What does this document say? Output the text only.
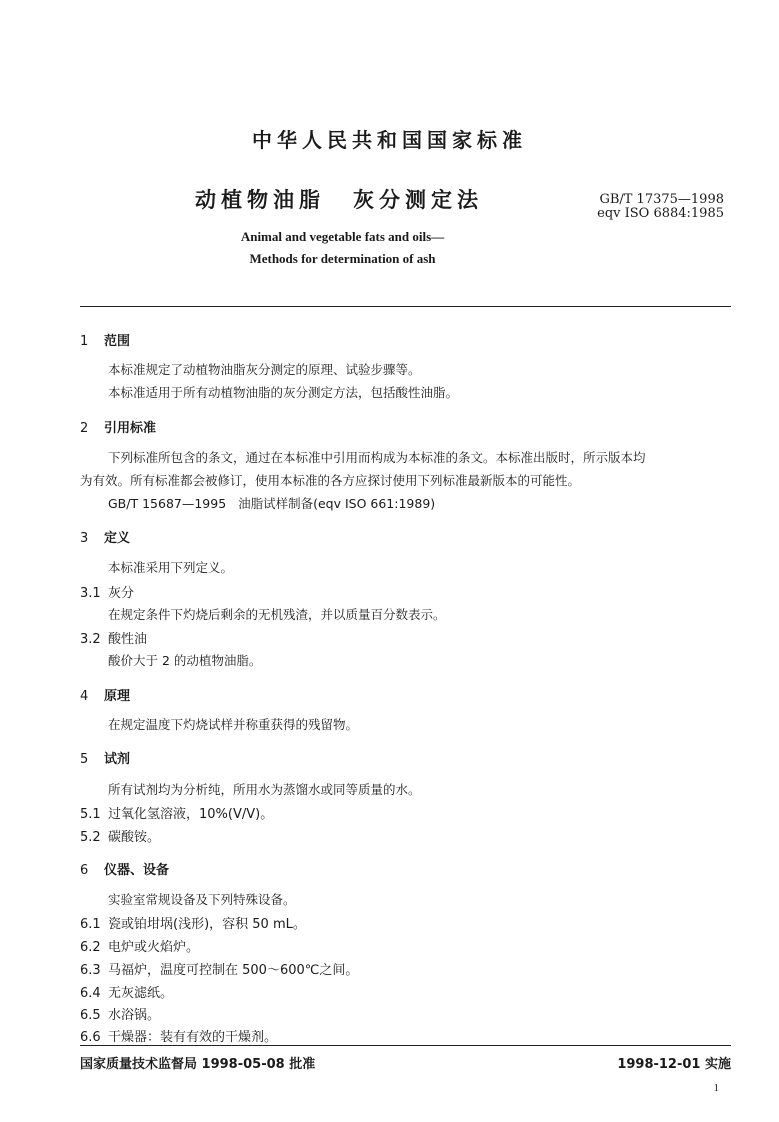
中华人民共和国国家标准
动植物油脂 灰分测定法	GB/T 17375—1998
eqv ISO 6884:1985
Animal and vegetable fats and oils—
Methods for determination of ash
1 范围
本标准规定了动植物油脂灰分测定的原理、试验步骤等。
本标准适用于所有动植物油脂的灰分测定方法，包括酸性油脂。
2 引用标准
下列标准所包含的条文，通过在本标准中引用而构成为本标准的条文。本标准出版时，所示版本均
为有效。所有标准都会被修订，使用本标准的各方应探讨使用下列标准最新版本的可能性。
GB/T 15687—1995   油脂试样制备(eqv ISO 661:1989)
3 定义
本标准采用下列定义。
3.1 灰分
在规定条件下灼烧后剩余的无机残渣，并以质量百分数表示。
3.2 酸性油
酸价大于 2 的动植物油脂。
4 原理
在规定温度下灼烧试样并称重获得的残留物。
5 试剂
所有试剂均为分析纯，所用水为蒸馏水或同等质量的水。
5.1 过氧化氢溶液，10%(V/V)。
5.2 碳酸铵。
6 仪器、设备
实验室常规设备及下列特殊设备。
6.1 瓷或铂坩埚(浅形)，容积 50 mL。
6.2 电炉或火焰炉。
6.3 马福炉，温度可控制在 500～600℃之间。
6.4 无灰滤纸。
6.5 水浴锅。
6.6 干燥器：装有有效的干燥剂。
国家质量技术监督局 1998-05-08 批准	1998-12-01 实施
1
